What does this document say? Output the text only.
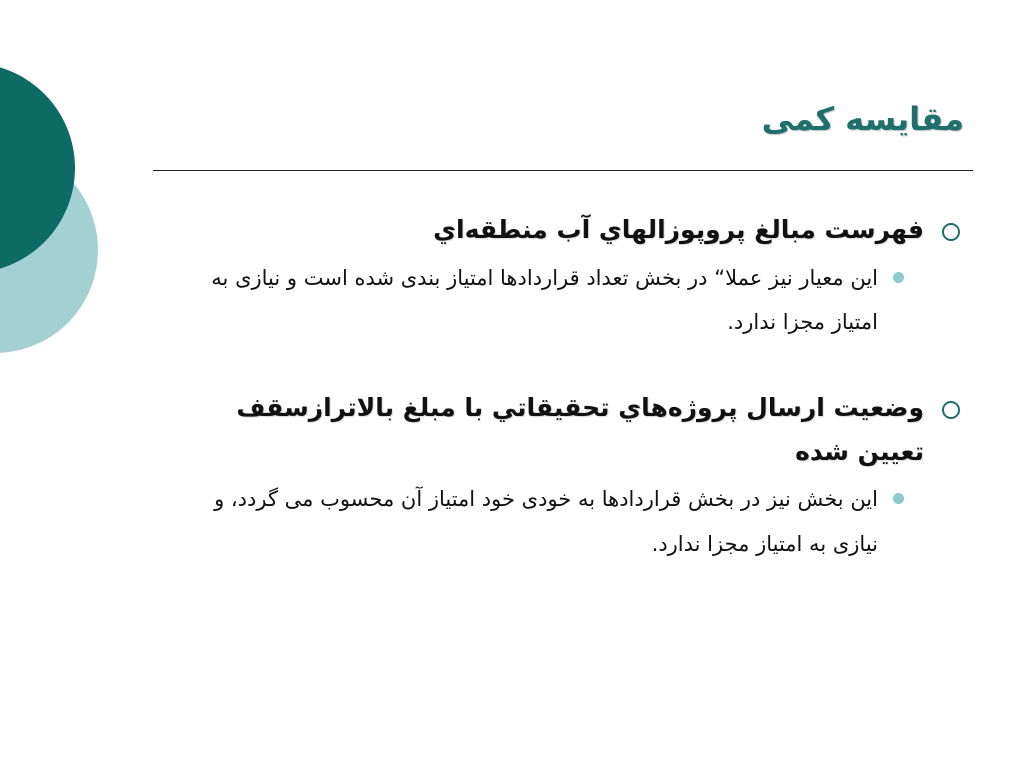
مقایسه کمی
فهرست مبالغ پروپوزالهاي آب منطقه‌اي
این معیار نیز عملا“ در بخش تعداد قراردادها امتیاز بندی شده است و نیازی به امتیاز مجزا ندارد.
وضعیت ارسال پروژه‌هاي تحقیقاتي با مبلغ بالاترازسقف تعیین شده
این بخش نیز در بخش قراردادها به خودی خود امتیاز آن محسوب می گردد، و نیازی به امتیاز مجزا ندارد.
